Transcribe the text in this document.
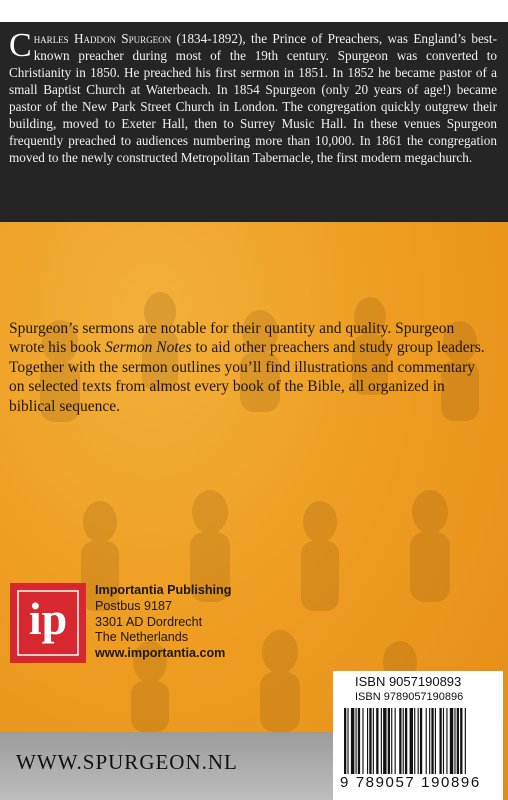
Charles Haddon Spurgeon (1834-1892), the Prince of Preachers, was England’s best-known preacher during most of the 19th century. Spurgeon was converted to Christianity in 1850. He preached his first sermon in 1851. In 1852 he became pastor of a small Baptist Church at Waterbeach. In 1854 Spurgeon (only 20 years of age!) became pastor of the New Park Street Church in London. The congregation quickly outgrew their building, moved to Exeter Hall, then to Surrey Music Hall. In these venues Spurgeon frequently preached to audiences numbering more than 10,000. In 1861 the congregation moved to the newly constructed Metropolitan Tabernacle, the first modern megachurch.

Spurgeon’s sermons are notable for their quantity and quality. Spurgeon wrote his book Sermon Notes to aid other preachers and study group leaders. Together with the sermon outlines you’ll find illustrations and commentary on selected texts from almost every book of the Bible, all organized in biblical sequence.

ip
Importantia Publishing
Postbus 9187
3301 AD Dordrecht
The Netherlands
www.importantia.com
WWW.SPURGEON.NL
ISBN 9057190893
ISBN 9789057190896
9 789057 190896
